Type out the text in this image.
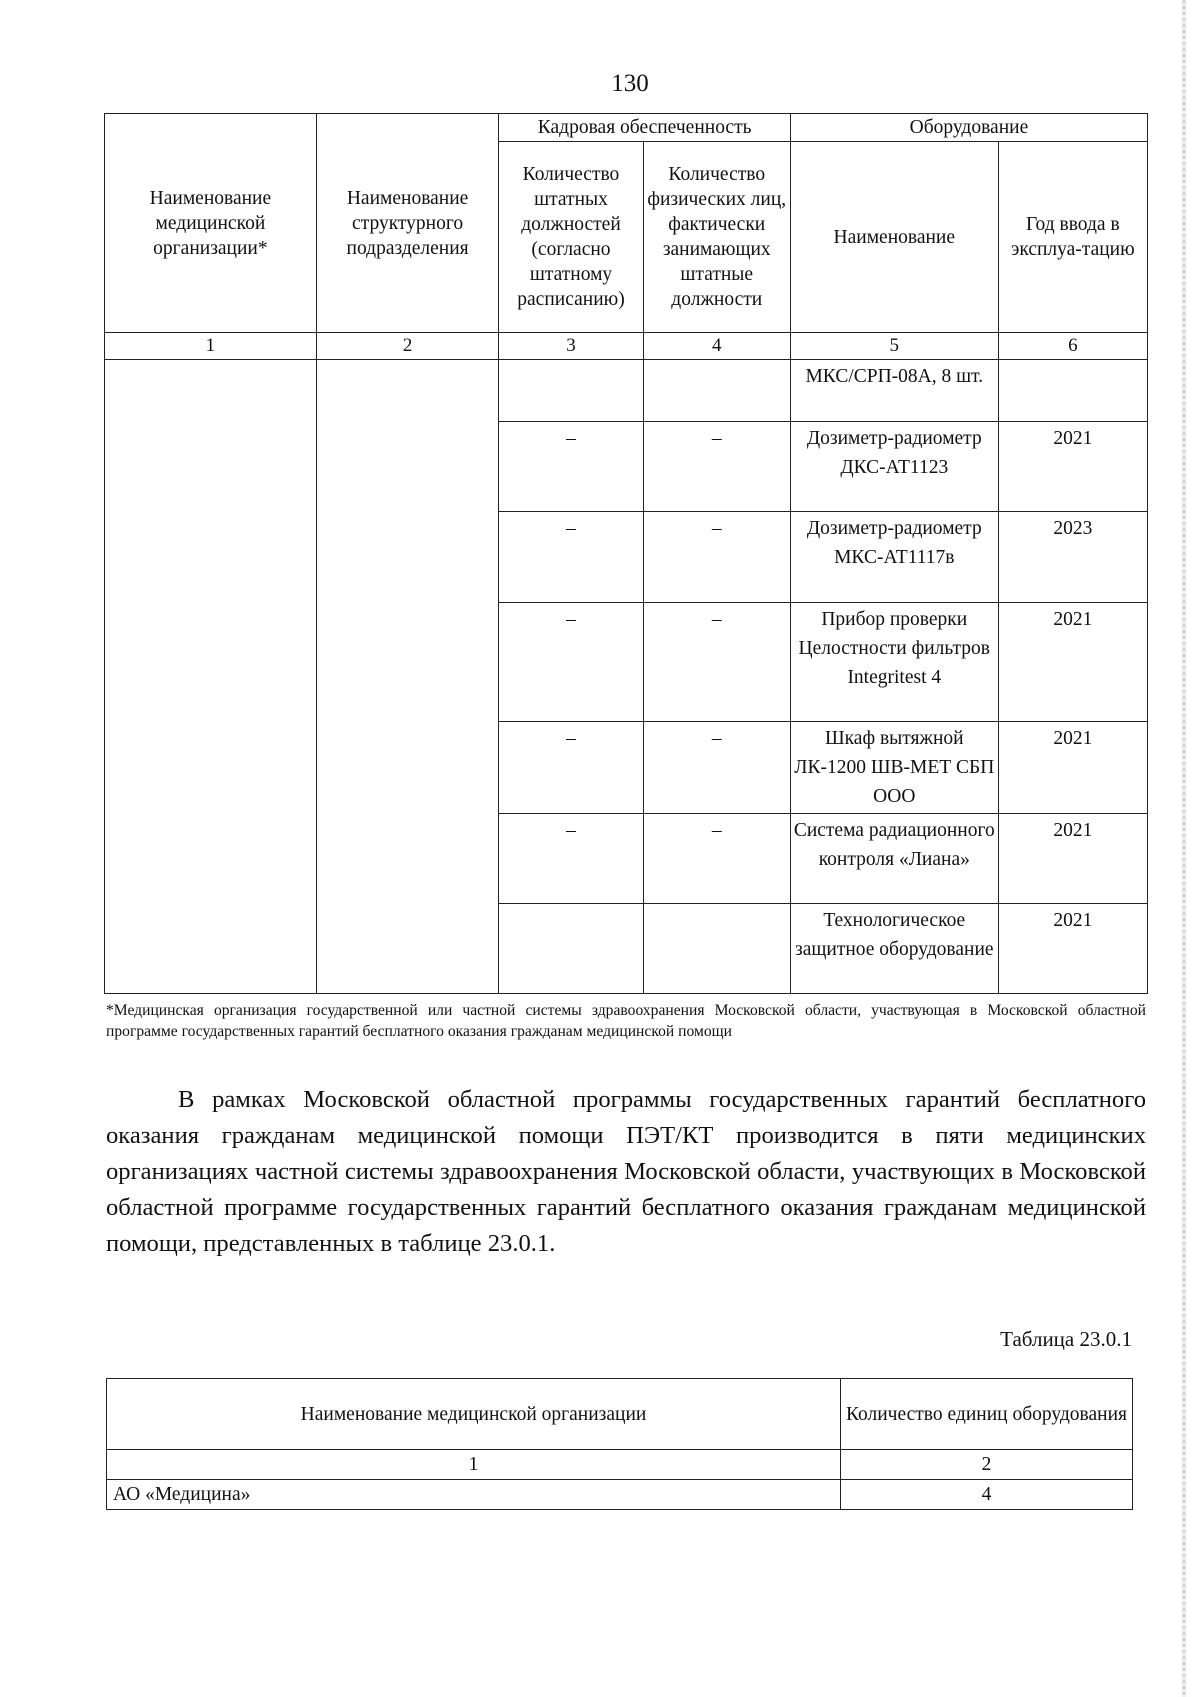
130
Наименование медицинской организации*	Наименование структурного подразделения	Кадровая обеспеченность		Оборудование	
		Количество штатных должностей (согласно штатному расписанию)	Количество физических лиц, фактически занимающих штатные должности	Наименование	Год ввода в эксплуа-тацию
1	2	3	4	5	6
				МКС/СРП-08А, 8 шт.	
		–	–	Дозиметр-радиометр ДКС-АТ1123	2021
		–	–	Дозиметр-радиометр МКС-АТ1117в	2023
		–	–	Прибор проверки Целостности фильтров Integritest 4	2021
		–	–	Шкаф вытяжной ЛК-1200 ШВ-МЕТ СБП ООО	2021
		–	–	Система радиационного контроля «Лиана»	2021
				Технологическое защитное оборудование	2021
*Медицинская организация государственной или частной системы здравоохранения Московской области, участвующая в Московской областной программе государственных гарантий бесплатного оказания гражданам медицинской помощи
В рамках Московской областной программы государственных гарантий бесплатного оказания гражданам медицинской помощи ПЭТ/КТ производится в пяти медицинских организациях частной системы здравоохранения Московской области, участвующих в Московской областной программе государственных гарантий бесплатного оказания гражданам медицинской помощи, представленных в таблице 23.0.1.
Таблица 23.0.1
Наименование медицинской организации	Количество единиц оборудования
1	2
АО «Медицина»	4
